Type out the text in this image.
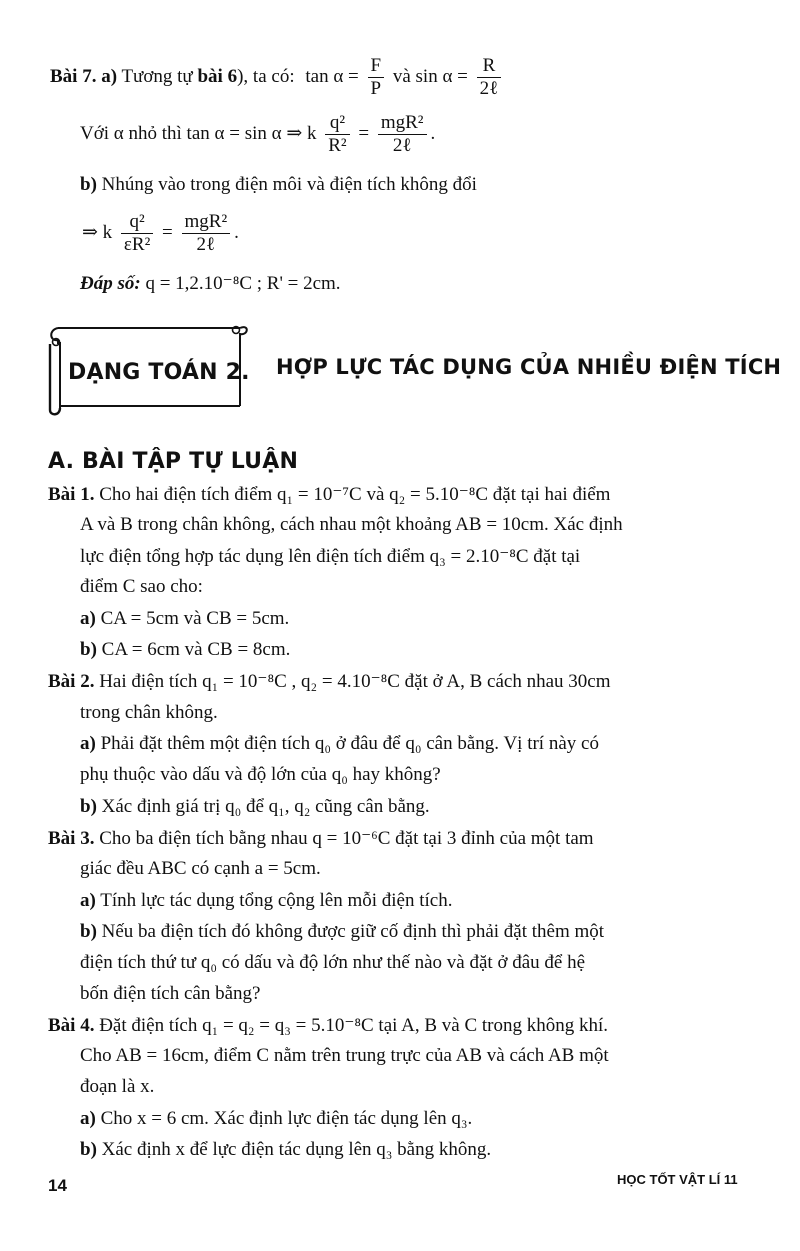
Bài 7. a) Tương tự bài 6), ta có: $\tan \alpha = \frac{F}{P}$ và $\sin \alpha = \frac{R}{\text{2ℓ}}$
Với α nhỏ thì tan α = sin α ⇒ k $\frac{\text{q²}}{\text{R²}} = \frac{\text{mgR²}}{\text{2ℓ}}$ .
b) Nhúng vào trong điện môi và điện tích không đổi
⇒ k $\frac{\text{q²}}{\text{εR²}} = \frac{\text{mgR²}}{\text{2ℓ}}$ .
Đáp số: q = 1,2.10⁻⁸C ; R' = 2cm.
DẠNG TOÁN 2. HỢP LỰC TÁC DỤNG CỦA NHIỀU ĐIỆN TÍCH
A. BÀI TẬP TỰ LUẬN
Bài 1. Cho hai điện tích điểm q₁ = 10⁻⁷C và q₂ = 5.10⁻⁸C đặt tại hai điểm
A và B trong chân không, cách nhau một khoảng AB = 10cm. Xác định
lực điện tổng hợp tác dụng lên điện tích điểm q₃ = 2.10⁻⁸C đặt tại
điểm C sao cho:
a) CA = 5cm và CB = 5cm.
b) CA = 6cm và CB = 8cm.
Bài 2. Hai điện tích q₁ = 10⁻⁸C , q₂ = 4.10⁻⁸C đặt ở A, B cách nhau 30cm
trong chân không.
a) Phải đặt thêm một điện tích q₀ ở đâu để q₀ cân bằng. Vị trí này có
phụ thuộc vào dấu và độ lớn của q₀ hay không?
b) Xác định giá trị q₀ để q₁, q₂ cũng cân bằng.
Bài 3. Cho ba điện tích bằng nhau q = 10⁻⁶C đặt tại 3 đỉnh của một tam
giác đều ABC có cạnh a = 5cm.
a) Tính lực tác dụng tổng cộng lên mỗi điện tích.
b) Nếu ba điện tích đó không được giữ cố định thì phải đặt thêm một
điện tích thứ tư q₀ có dấu và độ lớn như thế nào và đặt ở đâu để hệ
bốn điện tích cân bằng?
Bài 4. Đặt điện tích q₁ = q₂ = q₃ = 5.10⁻⁸C tại A, B và C trong không khí.
Cho AB = 16cm, điểm C nằm trên trung trực của AB và cách AB một
đoạn là x.
a) Cho x = 6 cm. Xác định lực điện tác dụng lên q₃.
b) Xác định x để lực điện tác dụng lên q₃ bằng không.
14	HỌC TỐT VẬT LÍ 11
